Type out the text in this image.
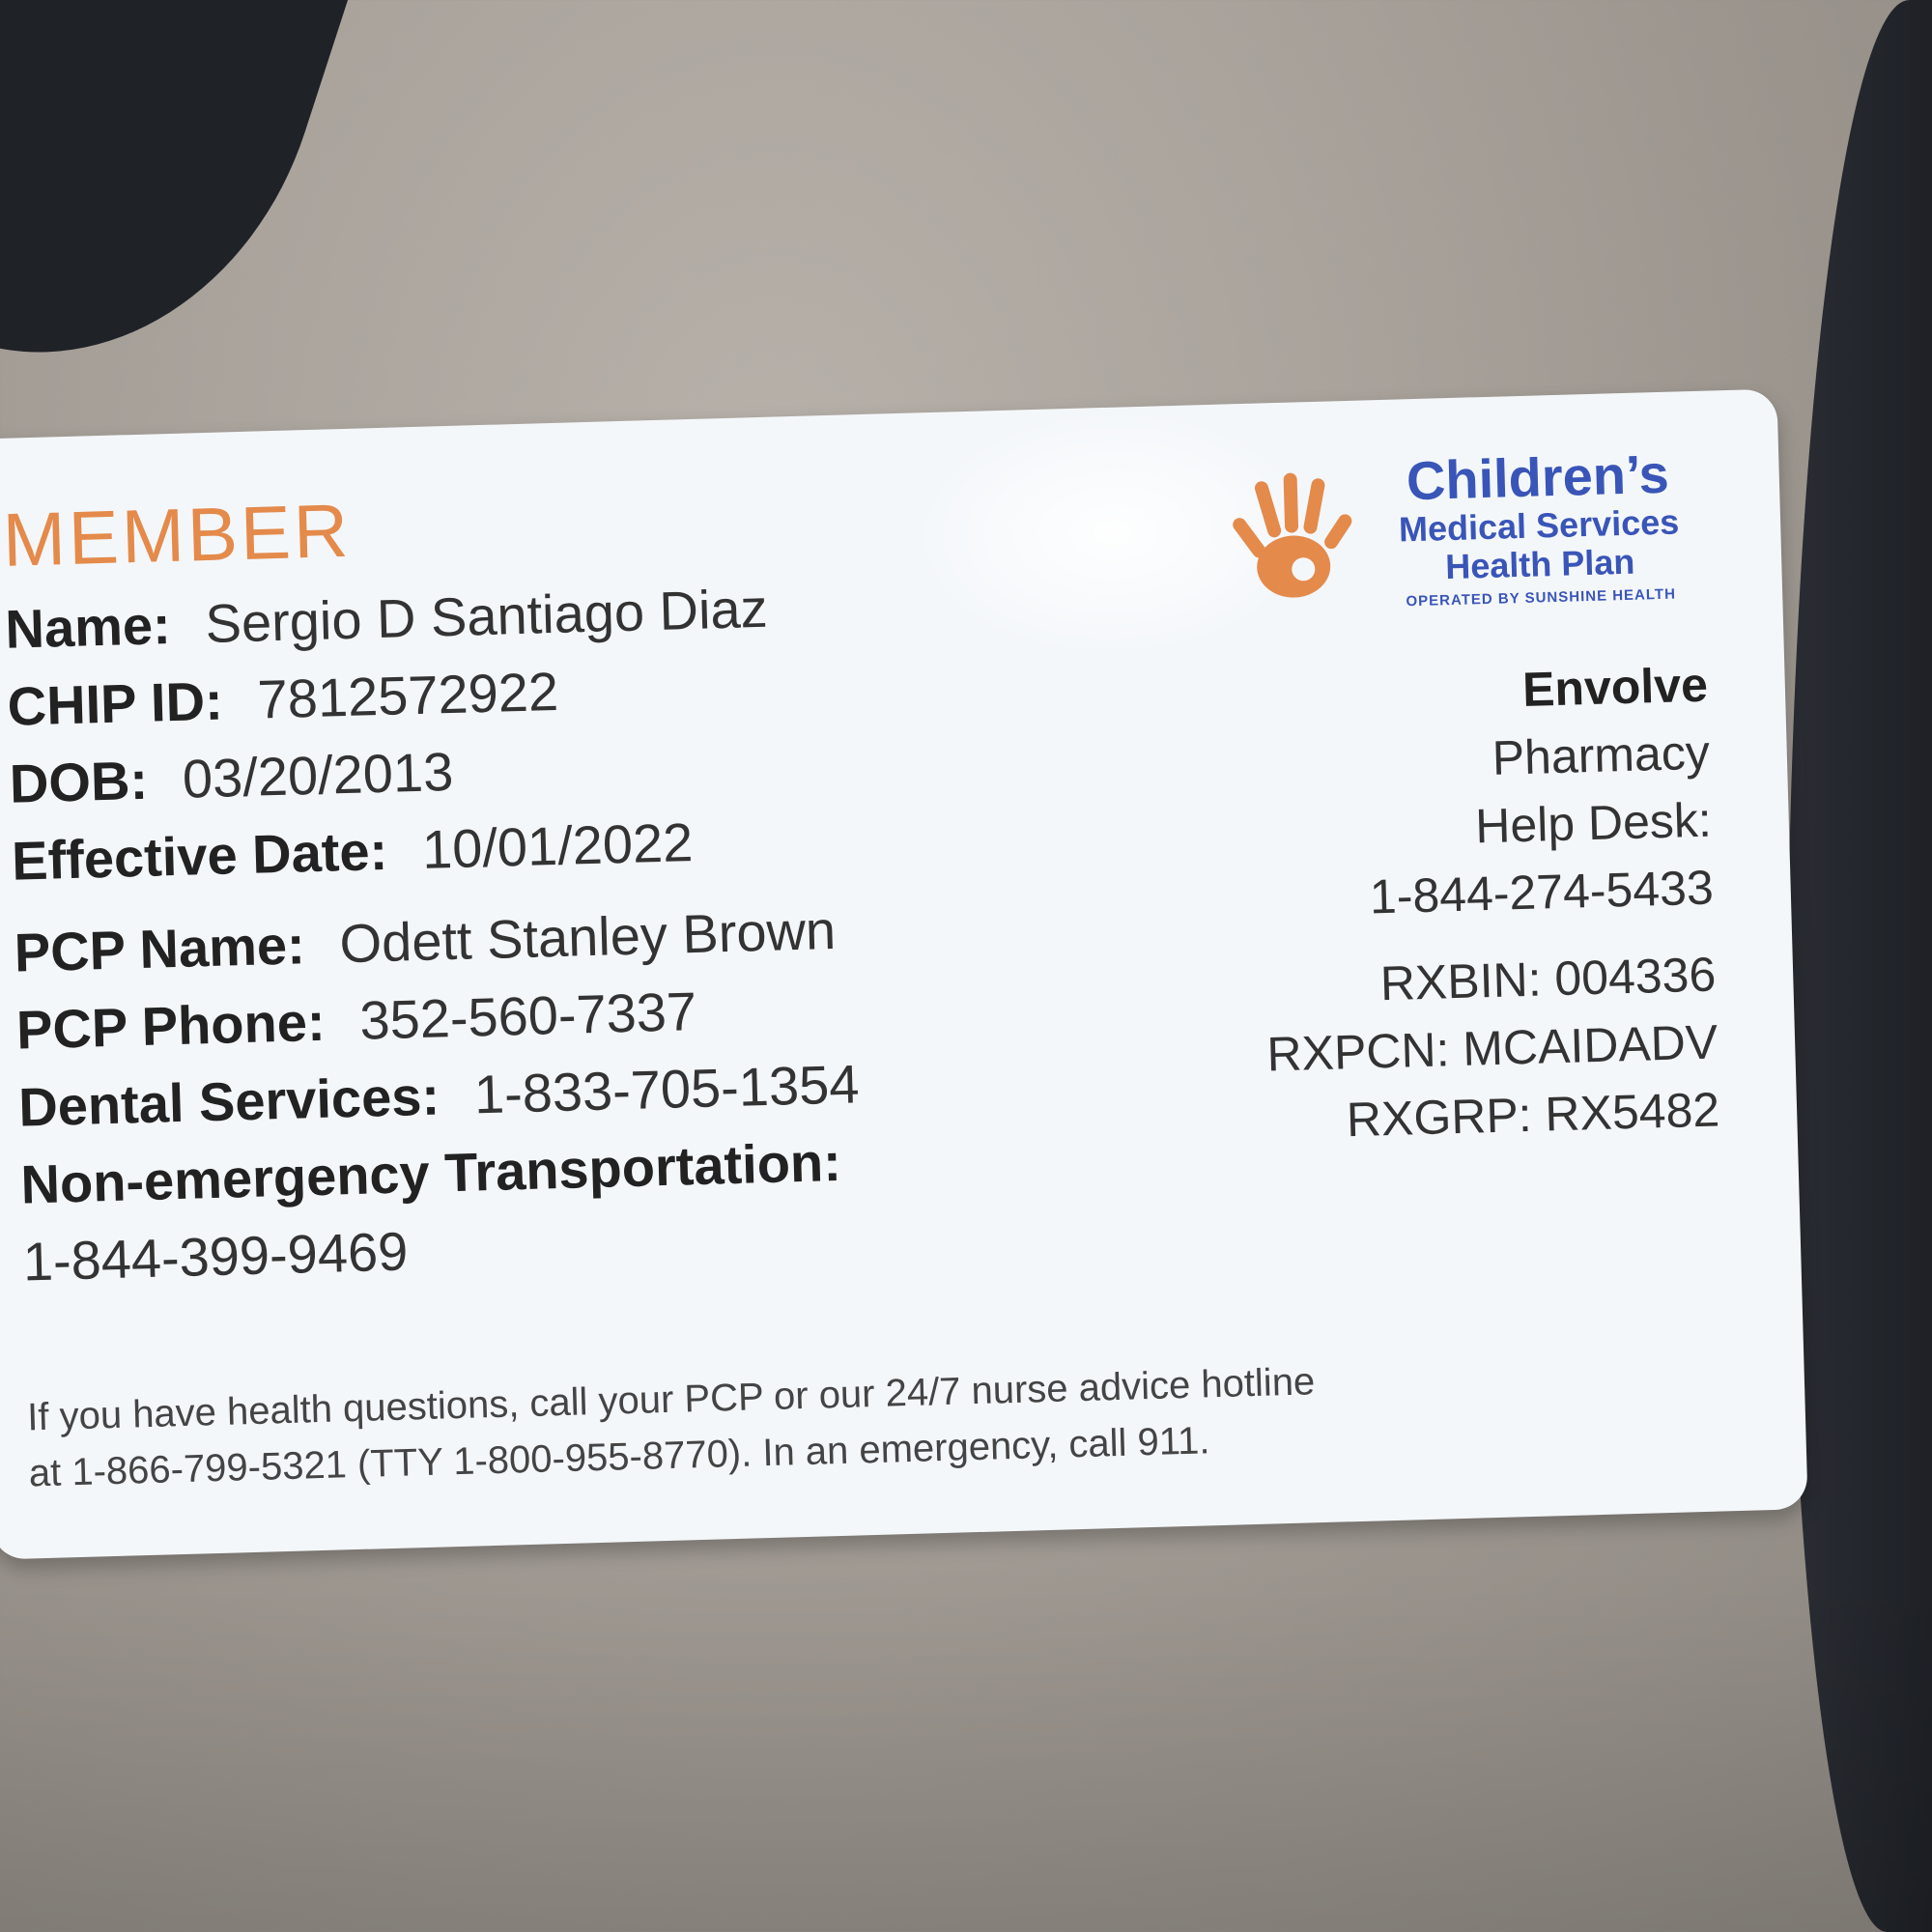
MEMBER
Name: Sergio D Santiago Diaz
CHIP ID: 7812572922
DOB: 03/20/2013
Effective Date: 10/01/2022
PCP Name: Odett Stanley Brown
PCP Phone: 352-560-7337
Dental Services: 1-833-705-1354
Non-emergency Transportation:
1-844-399-9469
If you have health questions, call your PCP or our 24/7 nurse advice hotline
at 1-866-799-5321 (TTY 1-800-955-8770). In an emergency, call 911.
Children’s
Medical Services
Health Plan
OPERATED BY SUNSHINE HEALTH
Envolve
Pharmacy
Help Desk:
1-844-274-5433
RXBIN: 004336
RXPCN: MCAIDADV
RXGRP: RX5482
